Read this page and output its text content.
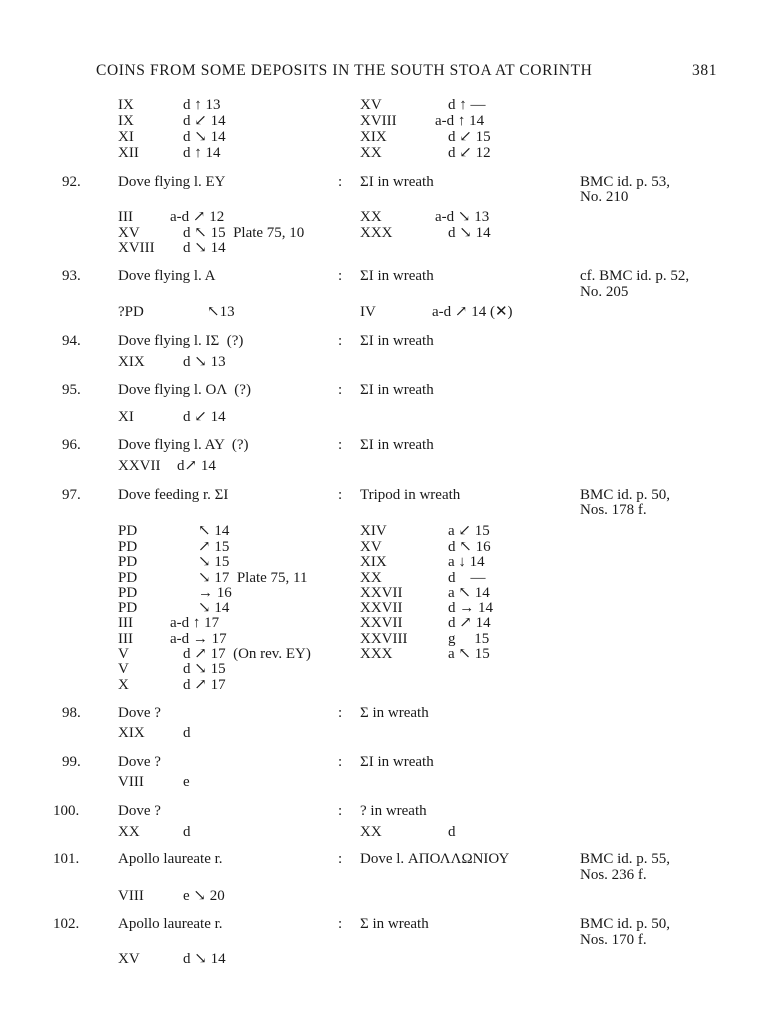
COINS FROM SOME DEPOSITS IN THE SOUTH STOA AT CORINTH	381
IX	d ↑ 13	XV	d ↑ —
IX	d ↙ 14	XVIII	a-d ↑ 14
XI	d ↘ 14	XIX	d ↙ 15
XII	d ↑ 14	XX	d ↙ 12
92. Dove flying l. EY	: ΣI in wreath	BMC id. p. 53,
No. 210
III a-d ↗ 12	XX	a-d ↘ 13
XV	d ↖ 15  Plate 75, 10	XXX	d ↘ 14
XVIII d ↘ 14
93. Dove flying l. A	: ΣI in wreath	cf. BMC id. p. 52,
No. 205
?PD	↖13	IV	a-d ↗ 14 (✕)
94. Dove flying l. IΣ  (?)	: ΣI in wreath
XIX	d ↘ 13
95. Dove flying l. OΛ  (?)	: ΣI in wreath
XI	d ↙ 14
96. Dove flying l. AY  (?)	: ΣI in wreath
XXVII d↗ 14
97. Dove feeding r. ΣI	: Tripod in wreath	BMC id. p. 50,
Nos. 178 f.
PD	↖ 14	XIV	a ↙ 15
PD	↗ 15	XV	d ↖ 16
PD	↘ 15	XIX	a ↓ 14
PD	↘ 17  Plate 75, 11	XX	d    —
PD	→ 16	XXVII	a ↖ 14
PD	↘ 14	XXVII	d → 14
III a-d ↑ 17	XXVII	d ↗ 14
III a-d → 17	XXVIII	g     15
V	d ↗ 17  (On rev. EY)	XXX	a ↖ 15
V	d ↘ 15
X	d ↗ 17
98. Dove ?	: Σ in wreath
XIX	d
99. Dove ?	: ΣI in wreath
VIII	e
100.	Dove ?	: ? in wreath
XX	d	XX	d
101.	Apollo laureate r.	: Dove l. ΑΠΟΛΛΩΝΙΟΥ	BMC id. p. 55,
Nos. 236 f.
VIII	e ↘ 20
102.	Apollo laureate r.	: Σ in wreath	BMC id. p. 50,
Nos. 170 f.
XV	d ↘ 14
